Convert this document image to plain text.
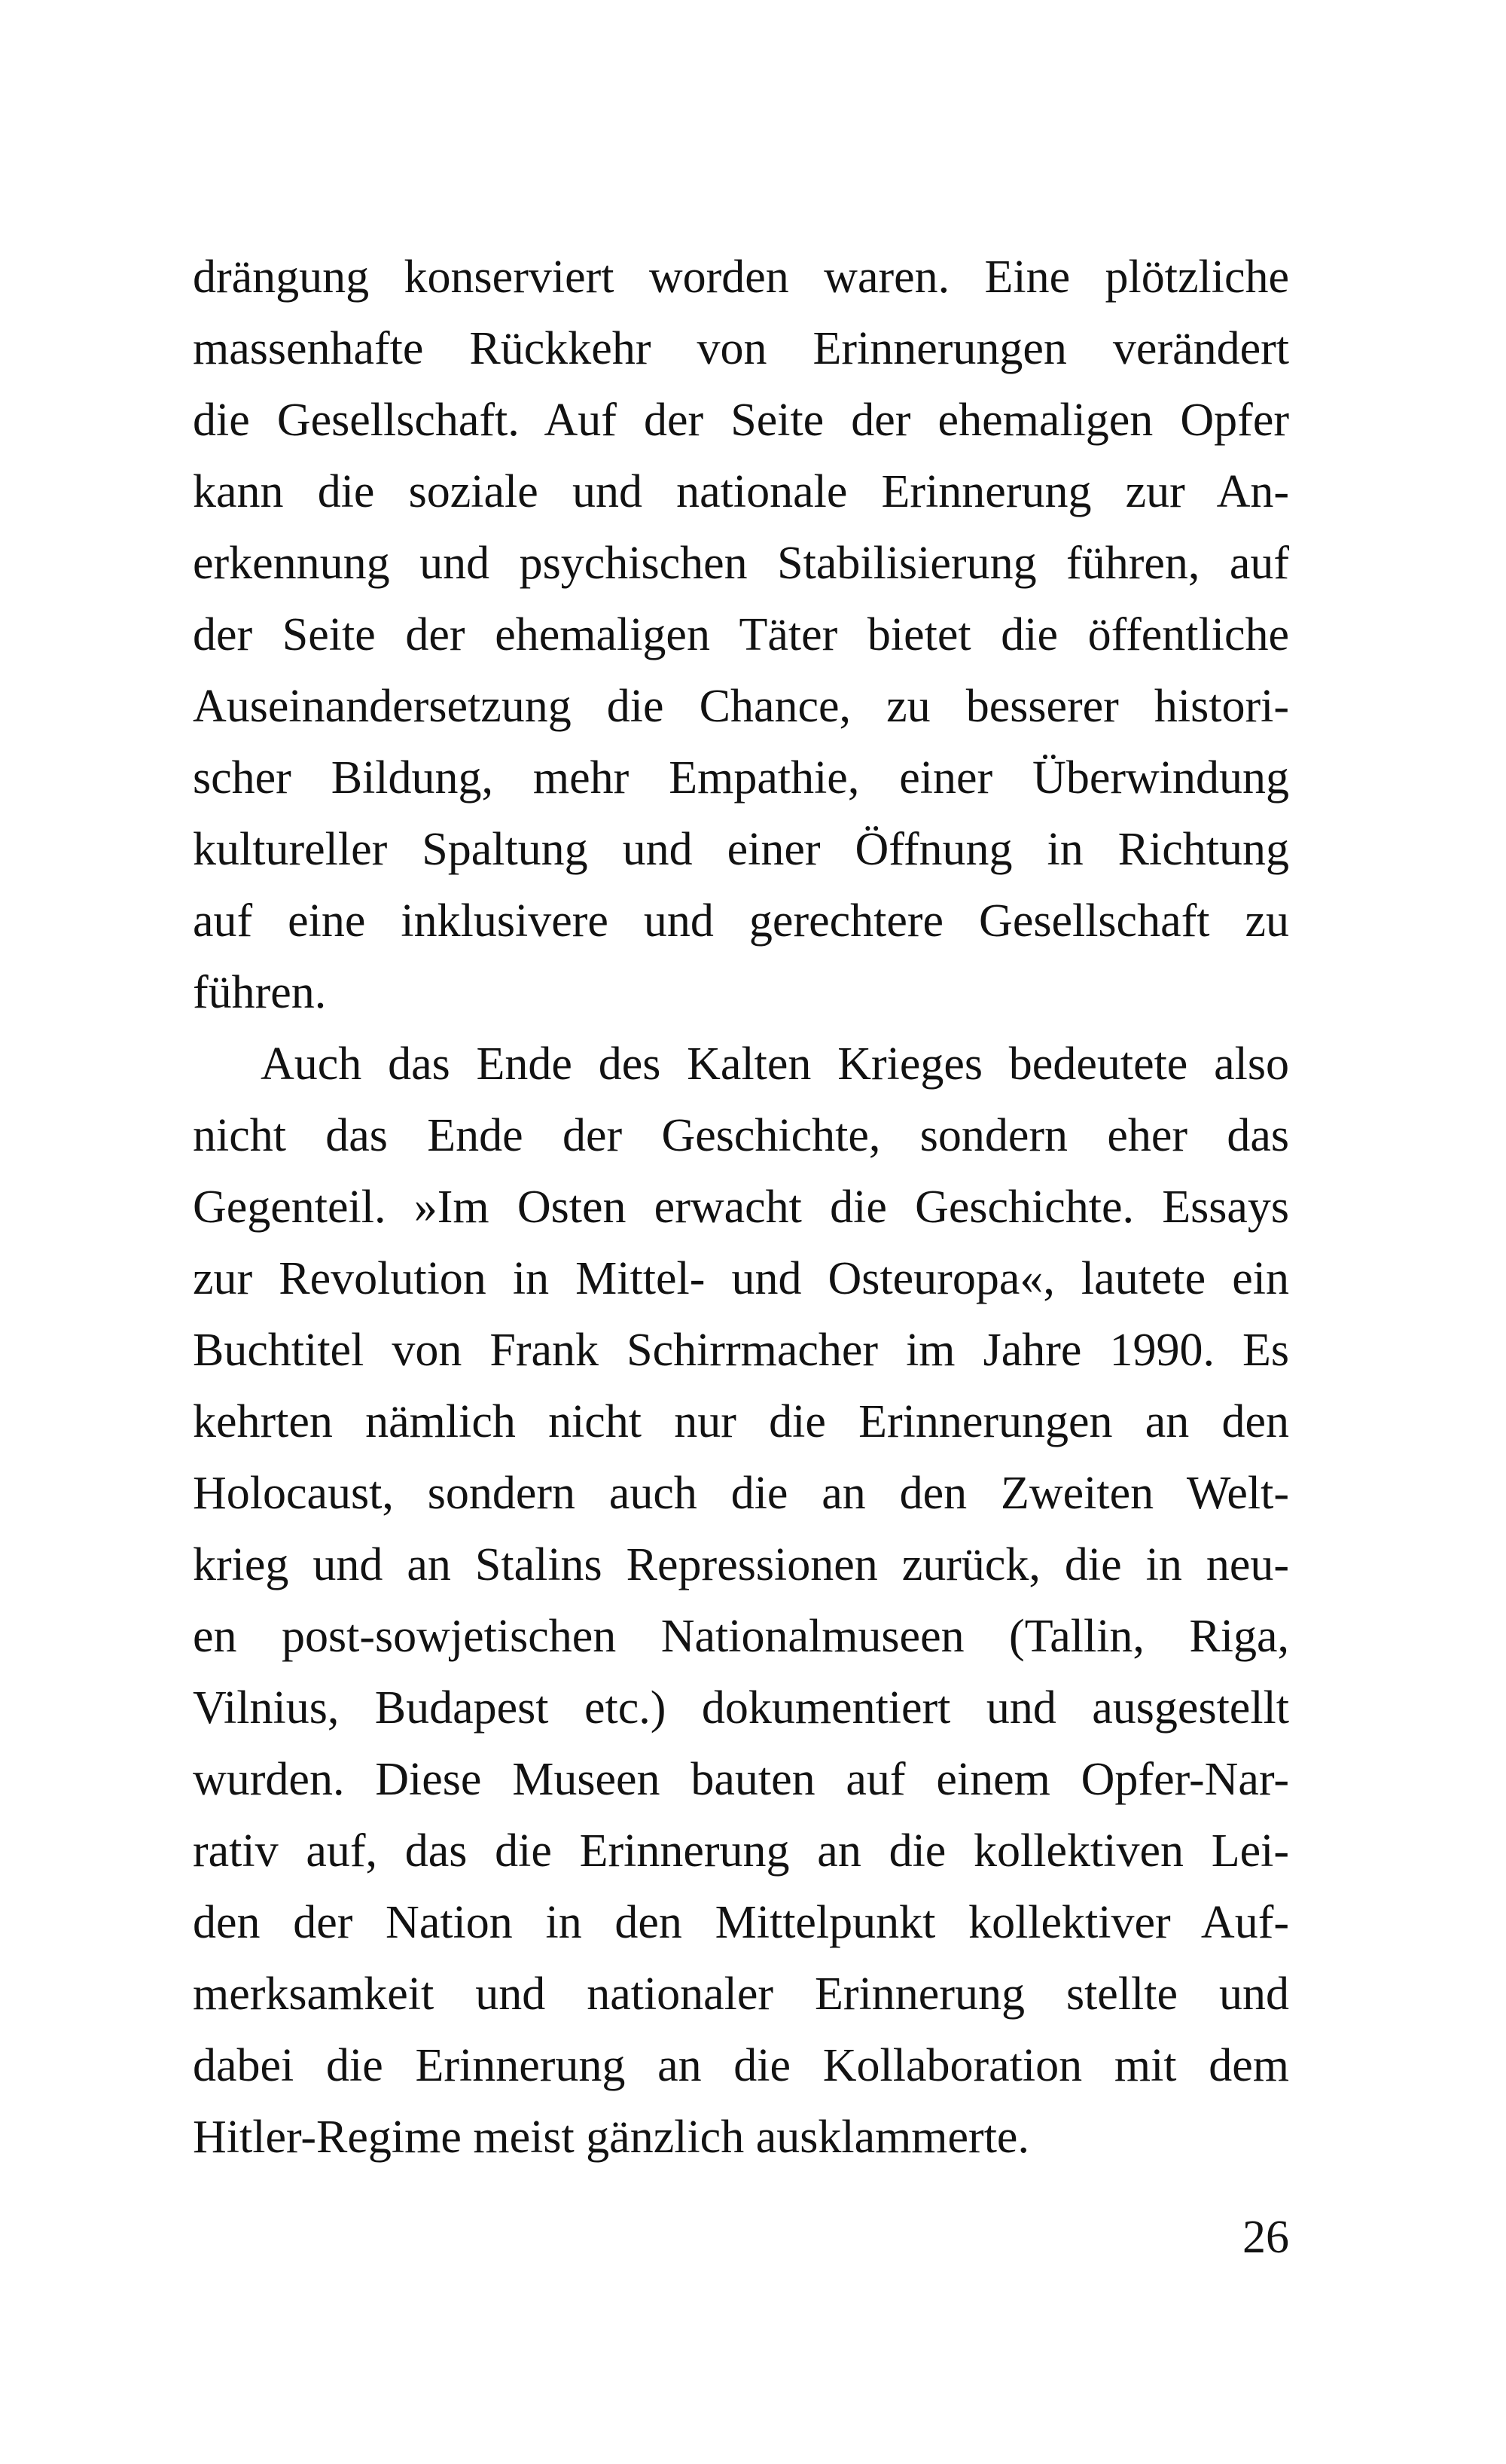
drängung konserviert worden waren. Eine plötzliche
massenhafte Rückkehr von Erinnerungen verändert
die Gesellschaft. Auf der Seite der ehemaligen Opfer
kann die soziale und nationale Erinnerung zur An-
erkennung und psychischen Stabilisierung führen, auf
der Seite der ehemaligen Täter bietet die öffentliche
Auseinandersetzung die Chance, zu besserer histori-
scher Bildung, mehr Empathie, einer Überwindung
kultureller Spaltung und einer Öffnung in Richtung
auf eine inklusivere und gerechtere Gesellschaft zu
führen.
Auch das Ende des Kalten Krieges bedeutete also
nicht das Ende der Geschichte, sondern eher das
Gegenteil. »Im Osten erwacht die Geschichte. Essays
zur Revolution in Mittel- und Osteuropa«, lautete ein
Buchtitel von Frank Schirrmacher im Jahre 1990. Es
kehrten nämlich nicht nur die Erinnerungen an den
Holocaust, sondern auch die an den Zweiten Welt-
krieg und an Stalins Repressionen zurück, die in neu-
en post-sowjetischen Nationalmuseen (Tallin, Riga,
Vilnius, Budapest etc.) dokumentiert und ausgestellt
wurden. Diese Museen bauten auf einem Opfer-Nar-
rativ auf, das die Erinnerung an die kollektiven Lei-
den der Nation in den Mittelpunkt kollektiver Auf-
merksamkeit und nationaler Erinnerung stellte und
dabei die Erinnerung an die Kollaboration mit dem
Hitler-Regime meist gänzlich ausklammerte.
26
